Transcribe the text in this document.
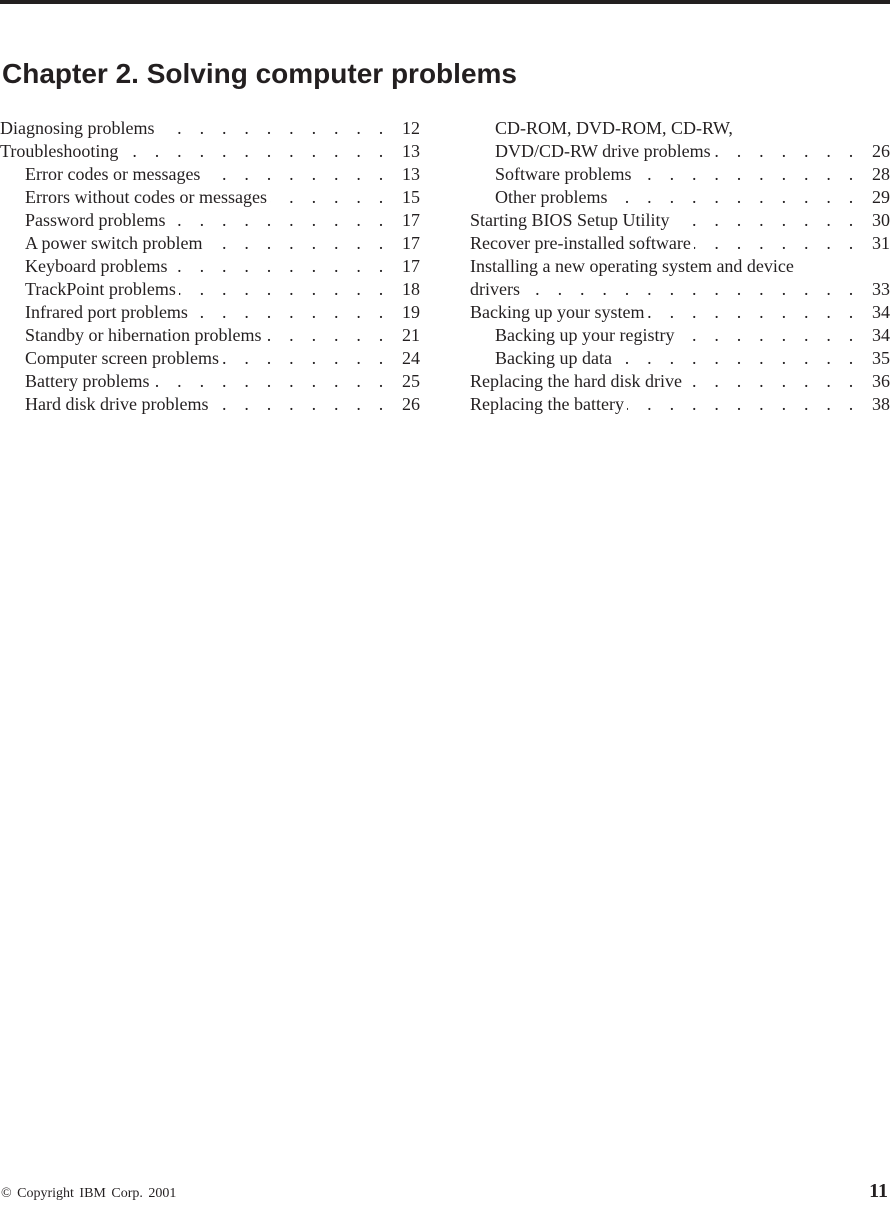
Chapter 2. Solving computer problems
Diagnosing problems . . .	12
Troubleshooting . . .	13
Error codes or messages . . .	13
Errors without codes or messages . . .	15
Password problems . . .	17
A power switch problem . . .	17
Keyboard problems . . .	17
TrackPoint problems . . .	18
Infrared port problems . . .	19
Standby or hibernation problems . . .	21
Computer screen problems . . .	24
Battery problems . . .	25
Hard disk drive problems . . .	26
CD-ROM, DVD-ROM, CD-RW,
DVD/CD-RW drive problems . . .	26
Software problems . . .	28
Other problems . . .	29
Starting BIOS Setup Utility . . .	30
Recover pre-installed software . . .	31
Installing a new operating system and device
drivers . . .	33
Backing up your system . . .	34
Backing up your registry . . .	34
Backing up data . . .	35
Replacing the hard disk drive . . .	36
Replacing the battery . . .	38
© Copyright IBM Corp. 2001	11
